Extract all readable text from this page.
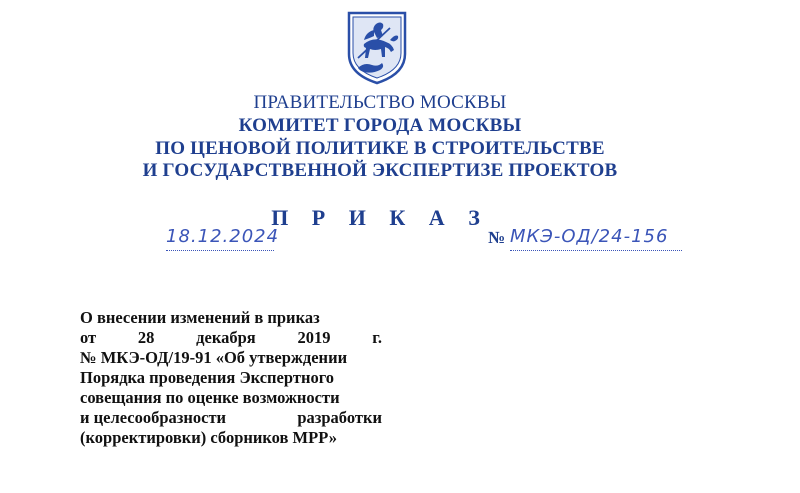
ПРАВИТЕЛЬСТВО МОСКВЫ
КОМИТЕТ ГОРОДА МОСКВЫ
ПО ЦЕНОВОЙ ПОЛИТИКЕ В СТРОИТЕЛЬСТВЕ
И ГОСУДАРСТВЕННОЙ ЭКСПЕРТИЗЕ ПРОЕКТОВ
П Р И К А З
18.12.2024	№ МКЭ-ОД/24-156
О внесении изменений в приказ
от	28	декабря	2019	г.
№ МКЭ-ОД/19-91 «Об утверждении
Порядка проведения Экспертного
совещания по оценке возможности
и целесообразности	разработки
(корректировки) сборников МРР»
